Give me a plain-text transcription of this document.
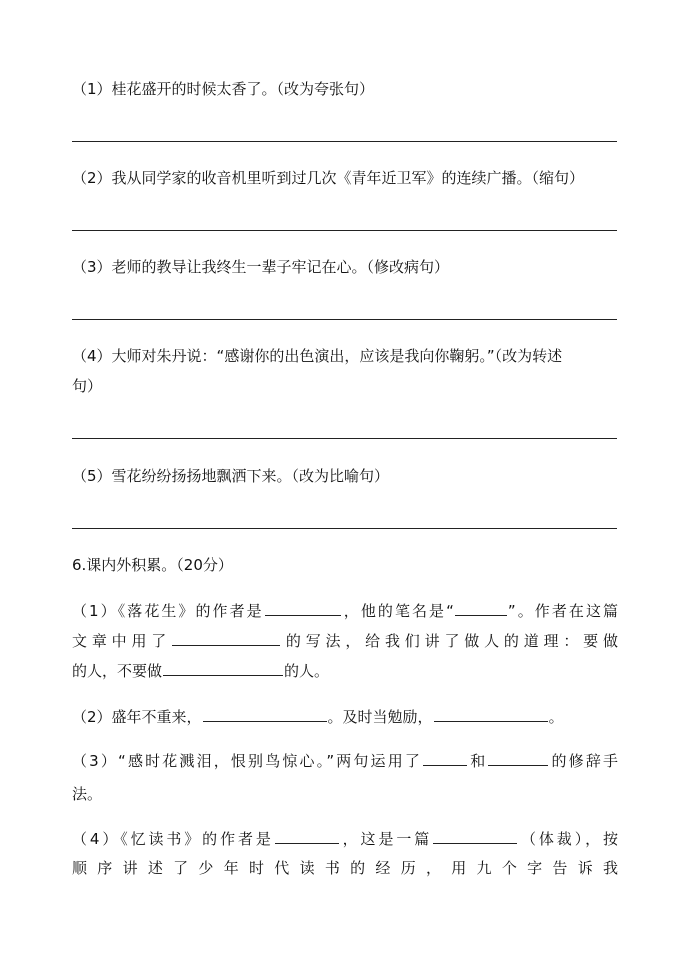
（1）桂花盛开的时候太香了。（改为夸张句）
（2）我从同学家的收音机里听到过几次《青年近卫军》的连续广播。（缩句）
（3）老师的教导让我终生一辈子牢记在心。（修改病句）
（4）大师对朱丹说：“感谢你的出色演出，应该是我向你鞠躬。”（改为转述
句）
（5）雪花纷纷扬扬地飘洒下来。（改为比喻句）
6.课内外积累。（20分）
（1）《落花生》的作者是	，他的笔名是“	”。作者在这篇
文章中用了	的写法，给我们讲了做人的道理：要做
的人，不要做	的人。
（2）盛年不重来，	。及时当勉励，	。
（3）“感时花溅泪，恨别鸟惊心。”两句运用了	和	的修辞手
法。
（4）《忆读书》的作者是	，这是一篇	（体裁），按
顺序讲述了少年时代读书的经历，用九个字告诉我
